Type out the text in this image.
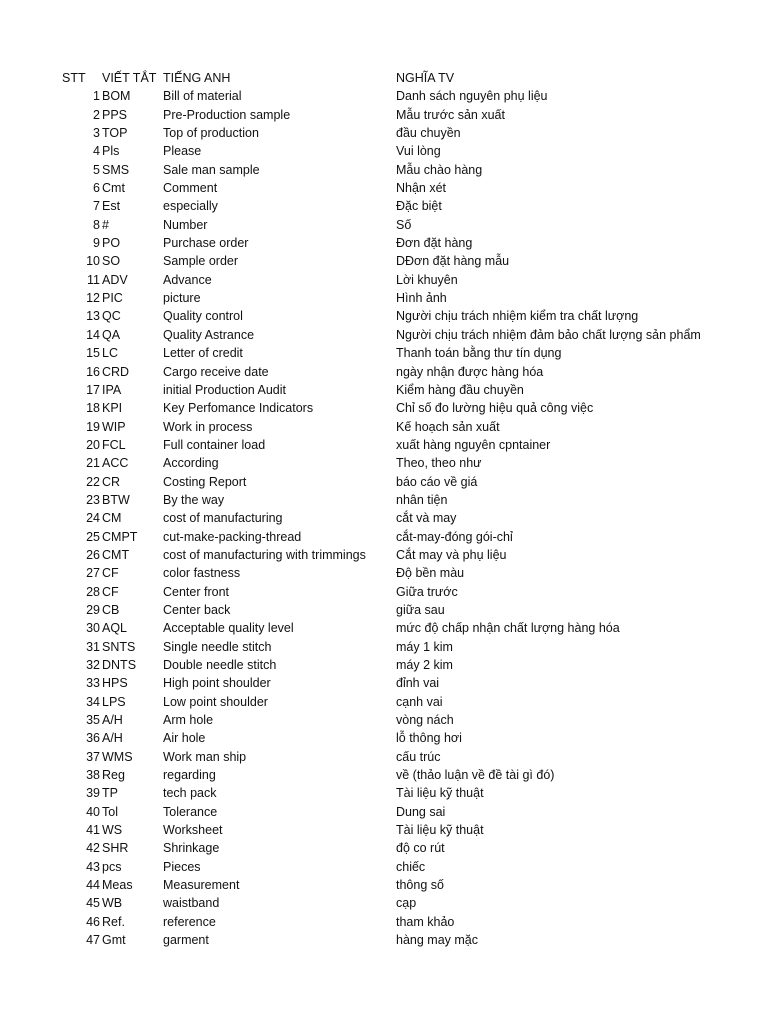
STT VIẾT TẮT TIẾNG ANH	NGHĨA TV
1 BOM	Bill of material	Danh sách nguyên phụ liệu
2 PPS	Pre-Production sample	Mẫu trước sản xuất
3 TOP	Top of production	đầu chuyền
4 Pls	Please	Vui lòng
5 SMS	Sale man sample	Mẫu chào hàng
6 Cmt	Comment	Nhận xét
7 Est	especially	Đặc biệt
8 #	Number	Số
9 PO	Purchase order	Đơn đặt hàng
10 SO	Sample order	DĐơn đặt hàng mẫu
11 ADV	Advance	Lời khuyên
12 PIC	picture	Hình ảnh
13 QC	Quality control	Người chịu trách nhiệm kiểm tra chất lượng
14 QA	Quality Astrance	Người chịu trách nhiệm đảm bảo chất lượng sản phẩm
15 LC	Letter of credit	Thanh toán bằng thư tín dụng
16 CRD	Cargo receive date	ngày nhận được hàng hóa
17 IPA	initial Production Audit	Kiểm hàng đầu chuyền
18 KPI	Key Perfomance Indicators	Chỉ số đo lường hiệu quả công việc
19 WIP	Work in process	Kế hoạch sản xuất
20 FCL	Full container load	xuất hàng nguyên cpntainer
21 ACC	According	Theo, theo như
22 CR	Costing Report	báo cáo về giá
23 BTW	By the way	nhân tiện
24 CM	cost of manufacturing	cắt và may
25 CMPT	cut-make-packing-thread	cắt-may-đóng gói-chỉ
26 CMT	cost of manufacturing with trimmings	Cắt may và phụ liệu
27 CF	color fastness	Độ bền màu
28 CF	Center front	Giữa trước
29 CB	Center back	giữa sau
30 AQL	Acceptable quality level	mức độ chấp nhận chất lượng hàng hóa
31 SNTS	Single needle stitch	máy 1 kim
32 DNTS	Double needle stitch	máy 2 kim
33 HPS	High point shoulder	đỉnh vai
34 LPS	Low point shoulder	cạnh vai
35 A/H	Arm hole	vòng nách
36 A/H	Air hole	lỗ thông hơi
37 WMS	Work man ship	cấu trúc
38 Reg	regarding	về (thảo luận về đề tài gì đó)
39 TP	tech pack	Tài liệu kỹ thuật
40 Tol	Tolerance	Dung sai
41 WS	Worksheet	Tài liệu kỹ thuật
42 SHR	Shrinkage	độ co rút
43 pcs	Pieces	chiếc
44 Meas	Measurement	thông số
45 WB	waistband	cạp
46 Ref.	reference	tham khảo
47 Gmt	garment	hàng may mặc
